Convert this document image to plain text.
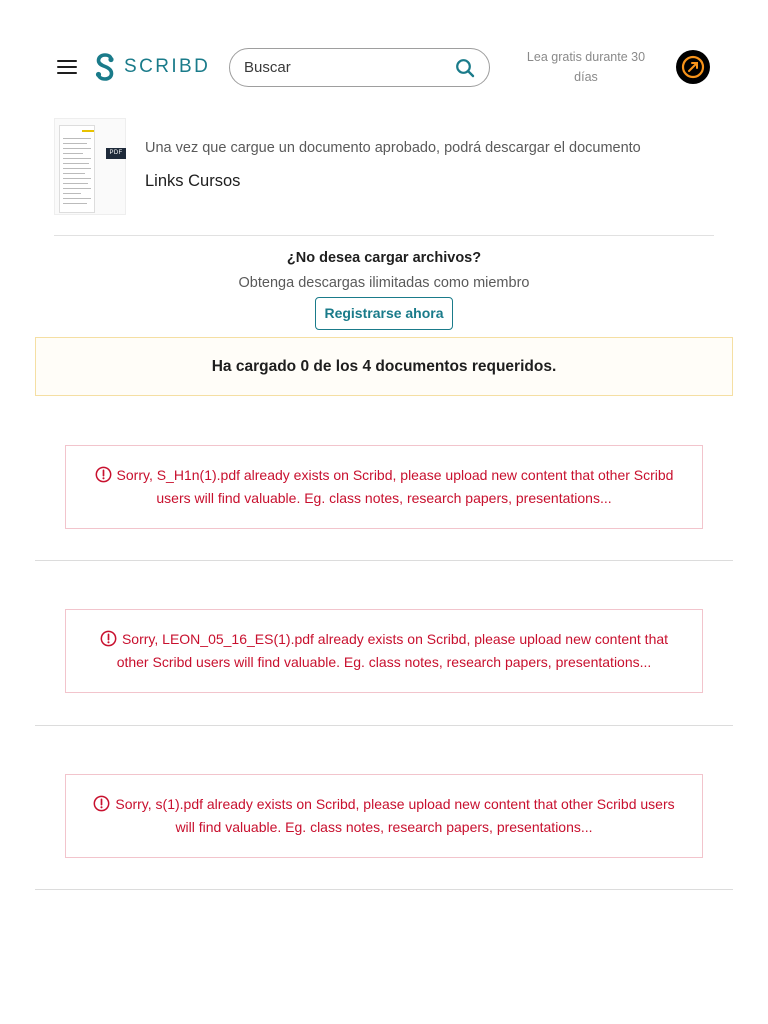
SCRIBD
Buscar	Lea gratis durante 30 días
PDF Una vez que cargue un documento aprobado, podrá descargar el documento
Links Cursos
¿No desea cargar archivos?
Obtenga descargas ilimitadas como miembro
Registrarse ahora
Ha cargado 0 de los 4 documentos requeridos.
Sorry, S_H1n(1).pdf already exists on Scribd, please upload new content that other Scribd users will find valuable. Eg. class notes, research papers, presentations...
Sorry, LEON_05_16_ES(1).pdf already exists on Scribd, please upload new content that other Scribd users will find valuable. Eg. class notes, research papers, presentations...
Sorry, s(1).pdf already exists on Scribd, please upload new content that other Scribd users will find valuable. Eg. class notes, research papers, presentations...
